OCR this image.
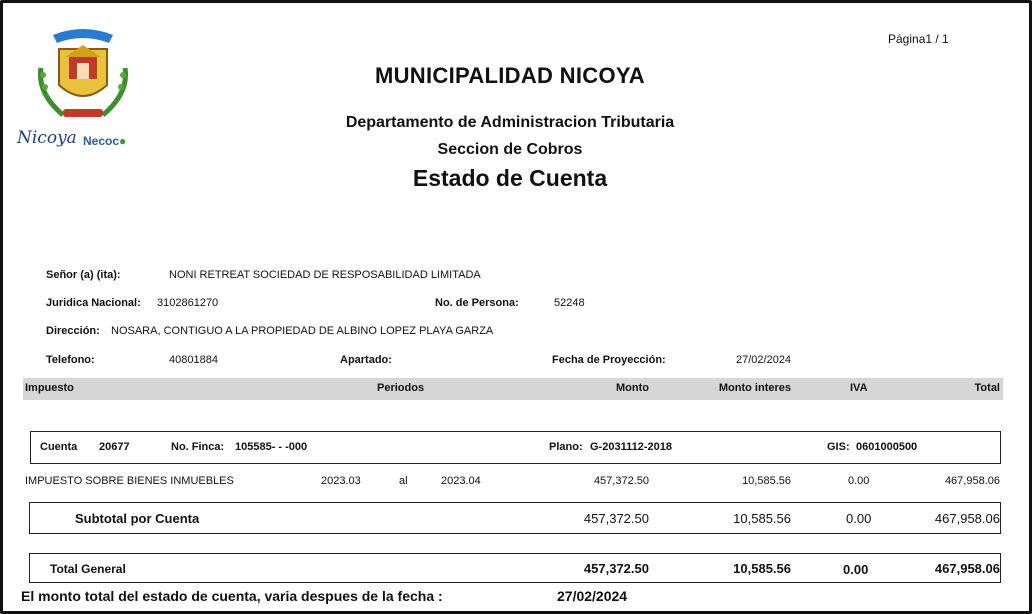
Nicoya Necoc●
Página1 / 1
MUNICIPALIDAD NICOYA
Departamento de Administracion Tributaria
Seccion de Cobros
Estado de Cuenta
Señor (a) (ita):	NONI RETREAT SOCIEDAD DE RESPOSABILIDAD LIMITADA
Juridica Nacional: 3102861270	No. de Persona:	52248
Dirección: NOSARA, CONTIGUO A LA PROPIEDAD DE ALBINO LOPEZ PLAYA GARZA
Telefono:	40801884	Apartado:	Fecha de Proyección:	27/02/2024
Impuesto	Periodos	Monto	Monto interes	IVA	Total
Cuenta 20677	No. Finca: 105585- - -000	Plano: G-2031112-2018	GIS: 0601000500
IMPUESTO SOBRE BIENES INMUEBLES	2023.03	al	2023.04	457,372.50	10,585.56	0.00	467,958.06
Subtotal por Cuenta	457,372.50	10,585.56	0.00	467,958.06
Total General	457,372.50	10,585.56	0.00	467,958.06
El monto total del estado de cuenta, varia despues de la fecha :	27/02/2024
